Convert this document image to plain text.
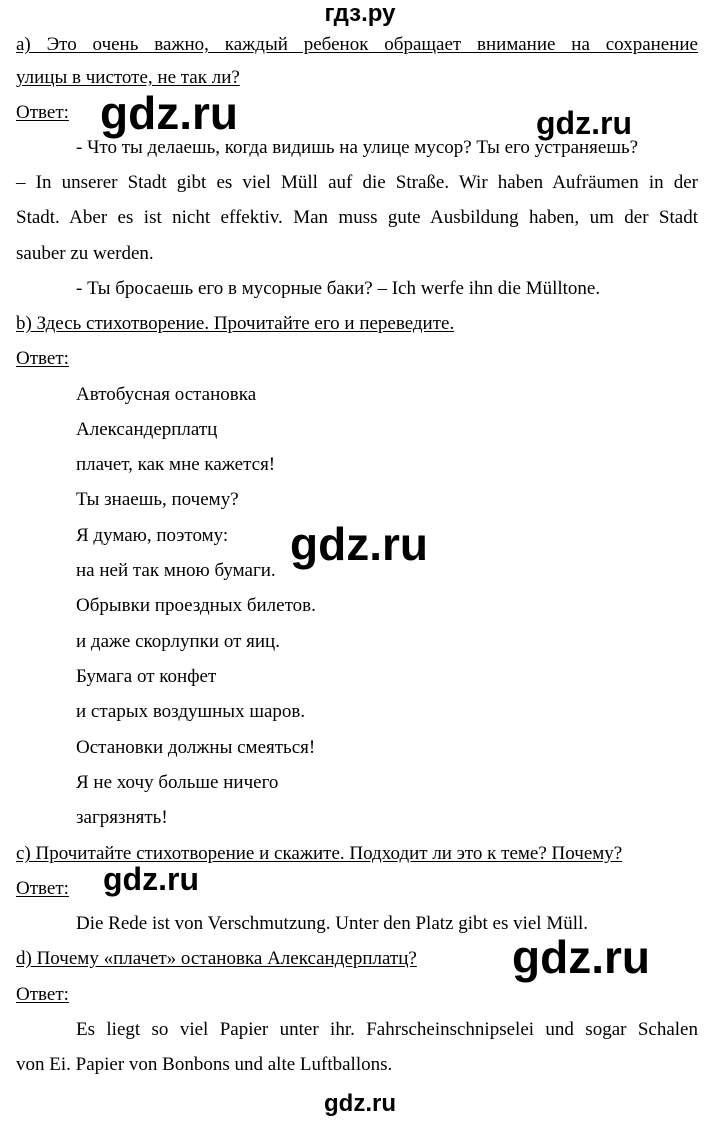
гдз.ру
а) Это очень важно, каждый ребенок обращает внимание на сохранение
улицы в чистоте, не так ли?
Ответ:
- Что ты делаешь, когда видишь на улице мусор? Ты его устраняешь?
– In unserer Stadt gibt es viel Müll auf die Straße. Wir haben Aufräumen in der
Stadt. Aber es ist nicht effektiv. Man muss gute Ausbildung haben, um der Stadt
sauber zu werden.
- Ты бросаешь его в мусорные баки? – Ich werfe ihn die Mülltone.
b) Здесь стихотворение. Прочитайте его и переведите.
Ответ:
Автобусная остановка
Александерплатц
плачет, как мне кажется!
Ты знаешь, почему?
Я думаю, поэтому:
на ней так мною бумаги.
Обрывки проездных билетов.
и даже скорлупки от яиц.
Бумага от конфет
и старых воздушных шаров.
Остановки должны смеяться!
Я не хочу больше ничего
загрязнять!
c) Прочитайте стихотворение и скажите. Подходит ли это к теме? Почему?
Ответ:
Die Rede ist von Verschmutzung. Unter den Platz gibt es viel Müll.
d) Почему «плачет» остановка Александерплатц?
Ответ:
Es liegt so viel Papier unter ihr. Fahrscheinschnipselei und sogar Schalen
von Ei. Papier von Bonbons und alte Luftballons.
gdz.ru	gdz.ru
gdz.ru
gdz.ru
gdz.ru
gdz.ru
